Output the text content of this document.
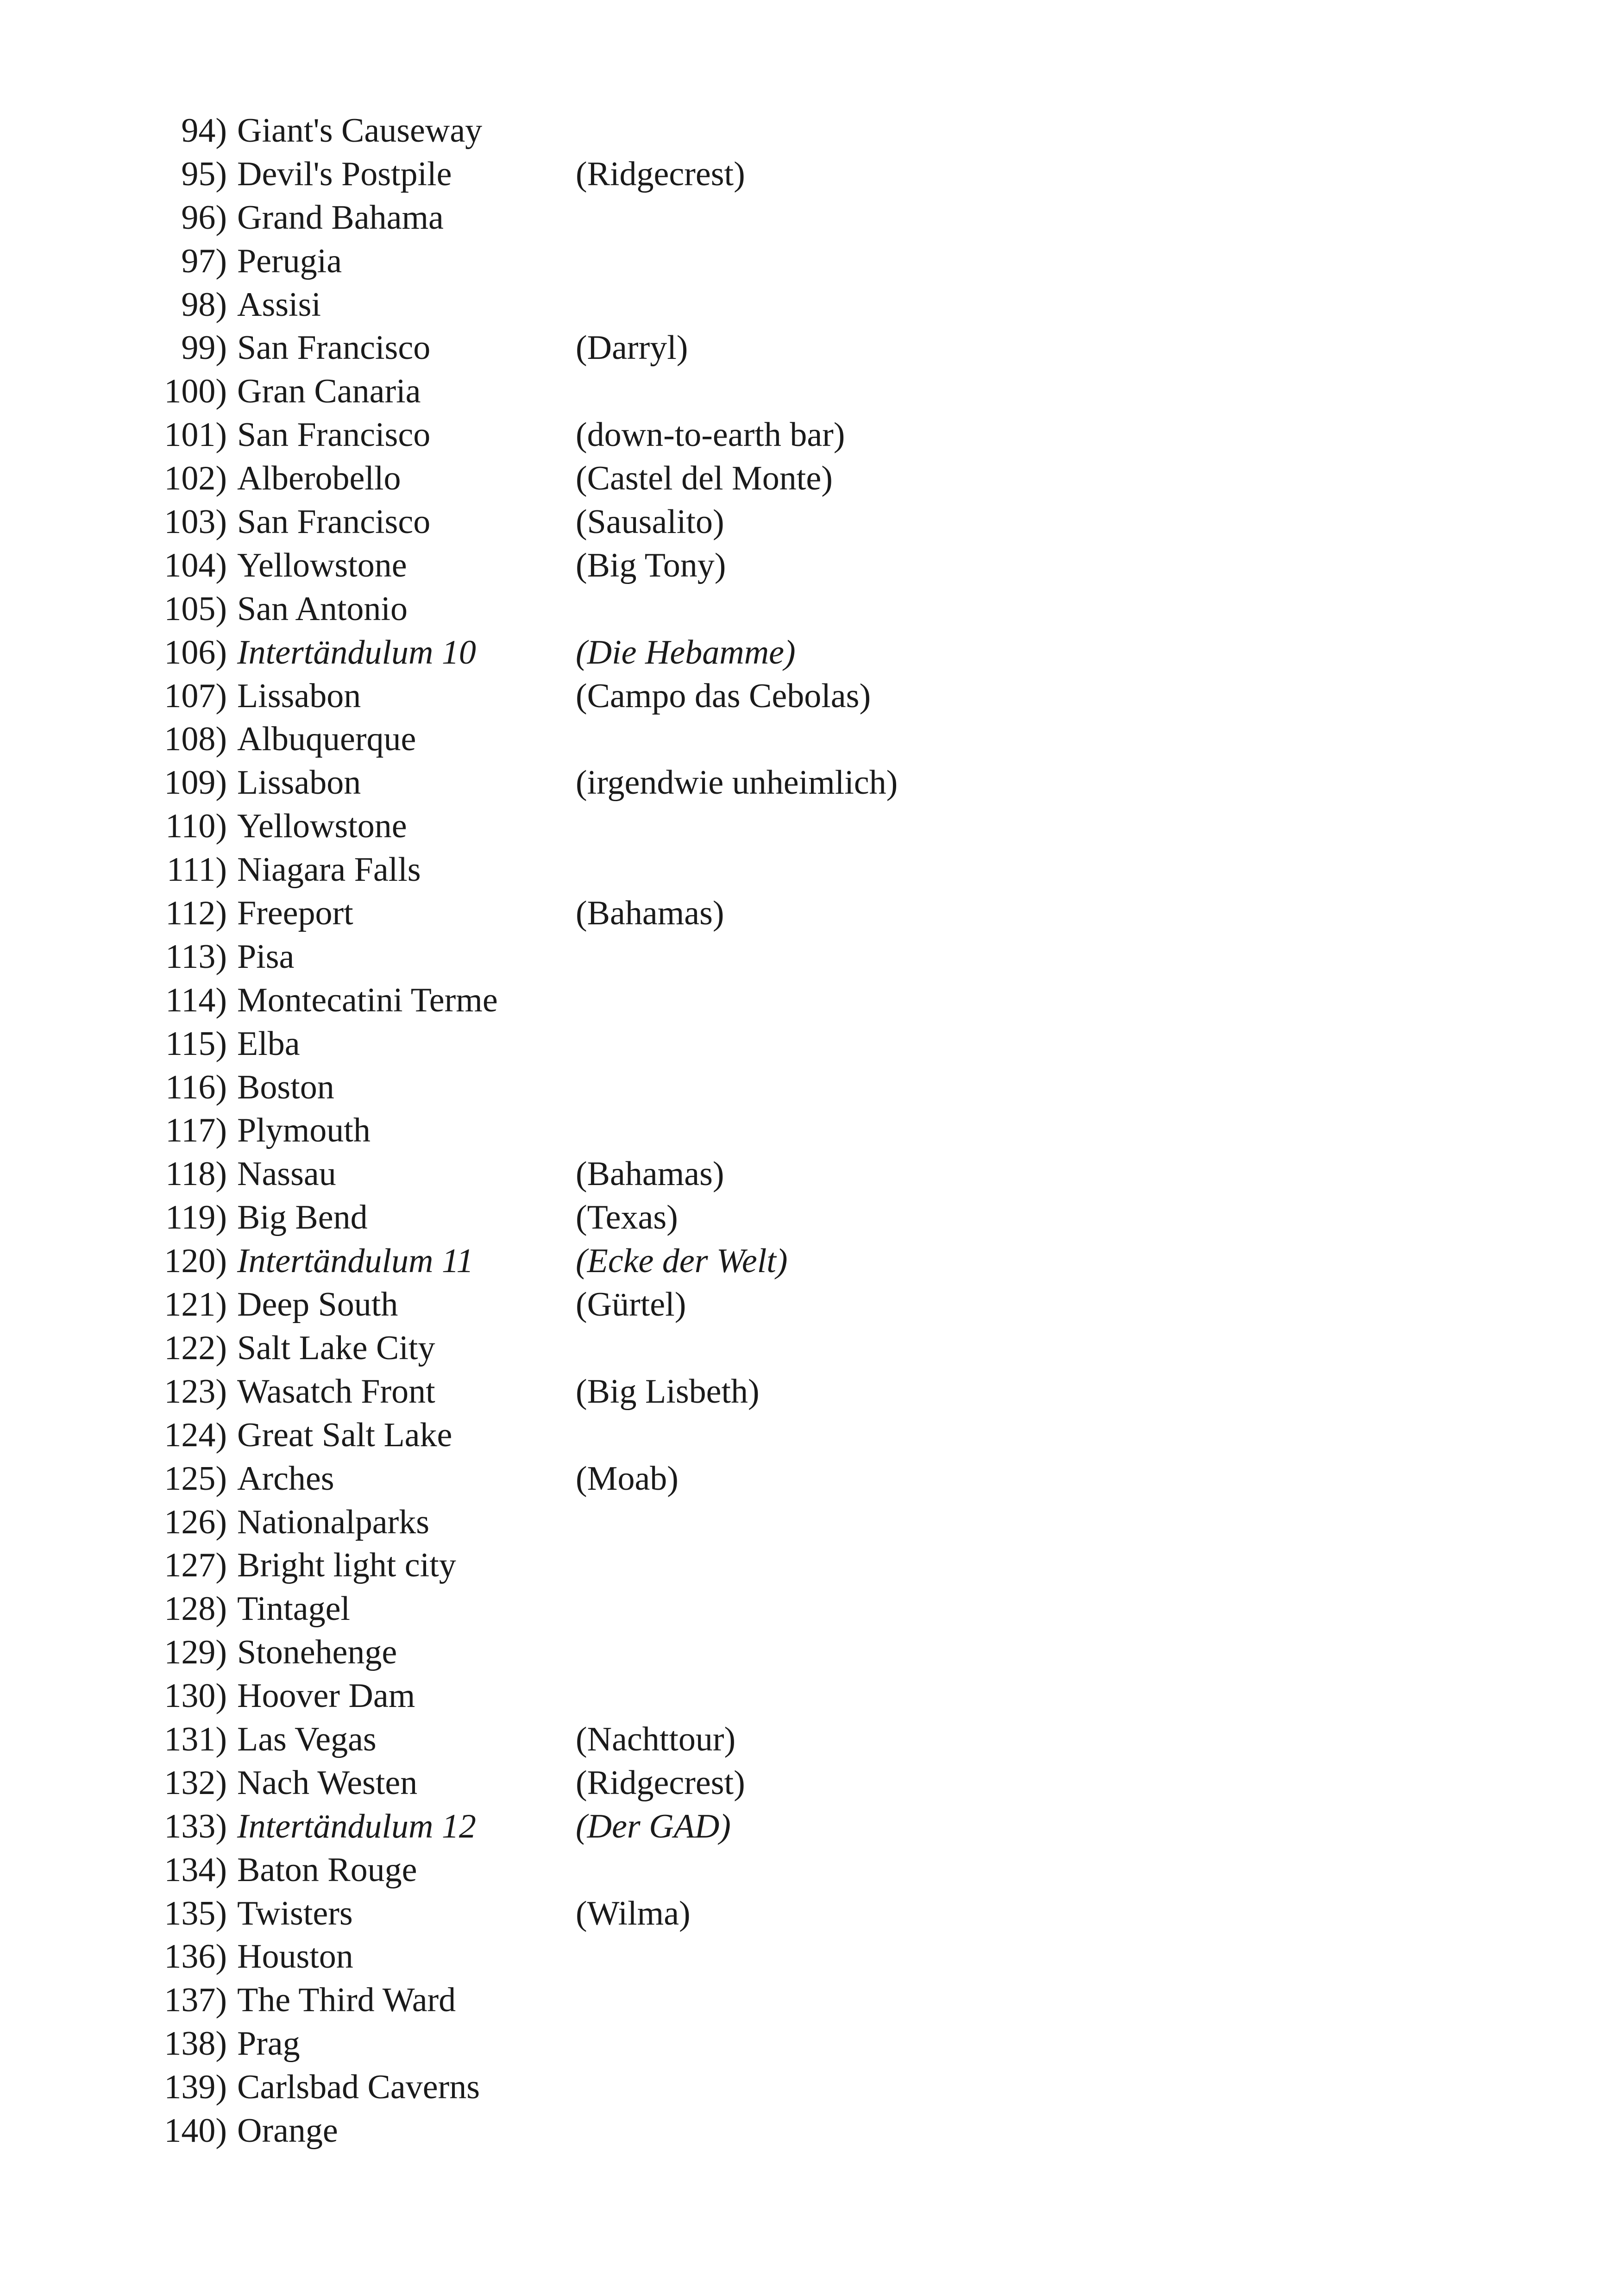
94) Giant's Causeway
95) Devil's Postpile	(Ridgecrest)
96) Grand Bahama
97) Perugia
98) Assisi
99) San Francisco	(Darryl)
100) Gran Canaria
101) San Francisco	(down-to-earth bar)
102) Alberobello	(Castel del Monte)
103) San Francisco	(Sausalito)
104) Yellowstone	(Big Tony)
105) San Antonio
106) Intertändulum 10	(Die Hebamme)
107) Lissabon	(Campo das Cebolas)
108) Albuquerque
109) Lissabon	(irgendwie unheimlich)
110) Yellowstone
111) Niagara Falls
112) Freeport	(Bahamas)
113) Pisa
114) Montecatini Terme
115) Elba
116) Boston
117) Plymouth
118) Nassau	(Bahamas)
119) Big Bend	(Texas)
120) Intertändulum 11	(Ecke der Welt)
121) Deep South	(Gürtel)
122) Salt Lake City
123) Wasatch Front	(Big Lisbeth)
124) Great Salt Lake
125) Arches	(Moab)
126) Nationalparks
127) Bright light city
128) Tintagel
129) Stonehenge
130) Hoover Dam
131) Las Vegas	(Nachttour)
132) Nach Westen	(Ridgecrest)
133) Intertändulum 12	(Der GAD)
134) Baton Rouge
135) Twisters	(Wilma)
136) Houston
137) The Third Ward
138) Prag
139) Carlsbad Caverns
140) Orange
